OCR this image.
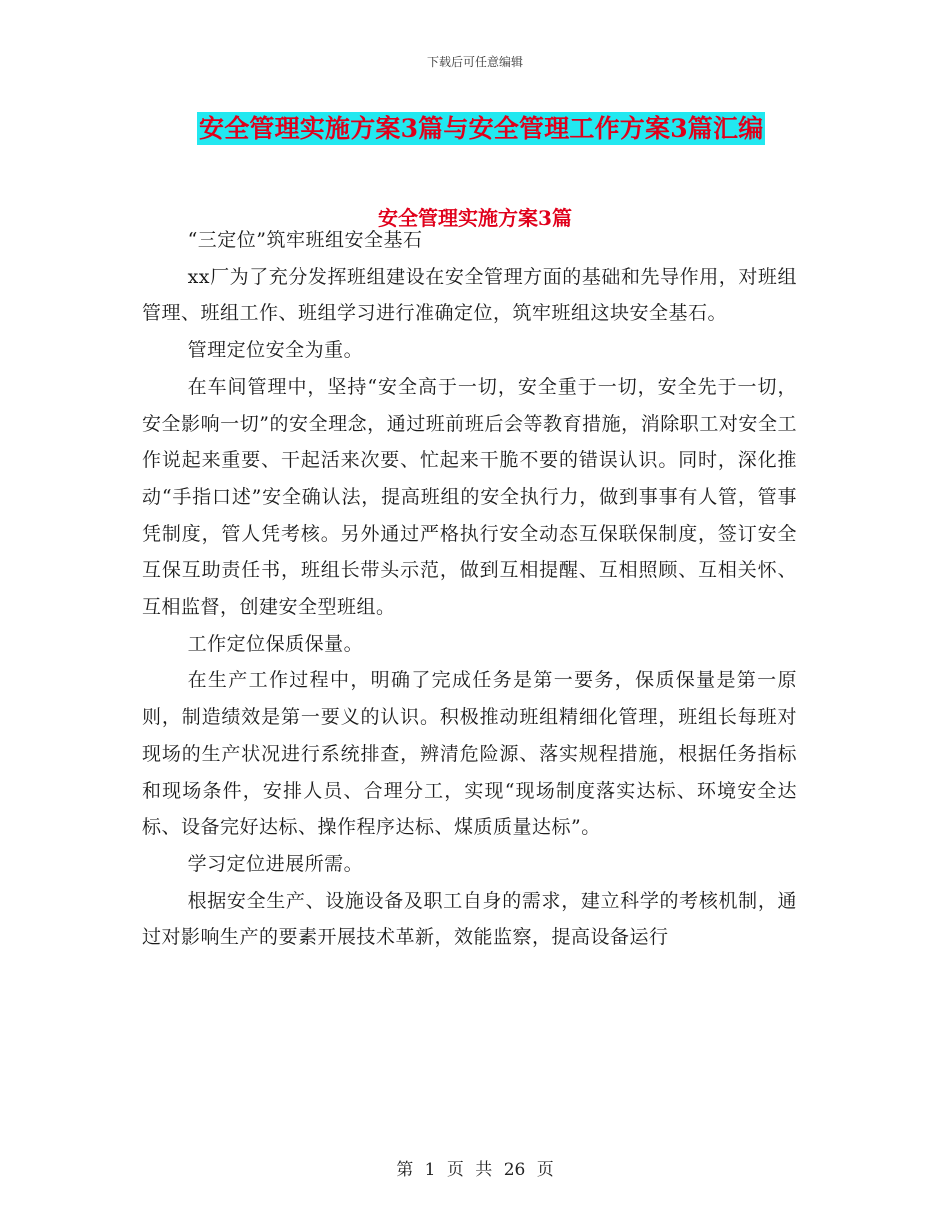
下载后可任意编辑
安全管理实施方案3篇与安全管理工作方案3篇汇编
安全管理实施方案3篇

“三定位”筑牢班组安全基石

xx厂为了充分发挥班组建设在安全管理方面的基础和先导作用，对班组管理、班组工作、班组学习进行准确定位，筑牢班组这块安全基石。

管理定位安全为重。

在车间管理中，坚持“安全高于一切，安全重于一切，安全先于一切，安全影响一切”的安全理念，通过班前班后会等教育措施，消除职工对安全工作说起来重要、干起活来次要、忙起来干脆不要的错误认识。同时，深化推动“手指口述”安全确认法，提高班组的安全执行力，做到事事有人管，管事凭制度，管人凭考核。另外通过严格执行安全动态互保联保制度，签订安全互保互助责任书，班组长带头示范，做到互相提醒、互相照顾、互相关怀、互相监督，创建安全型班组。

工作定位保质保量。

在生产工作过程中，明确了完成任务是第一要务，保质保量是第一原则，制造绩效是第一要义的认识。积极推动班组精细化管理，班组长每班对现场的生产状况进行系统排查，辨清危险源、落实规程措施，根据任务指标和现场条件，安排人员、合理分工，实现“现场制度落实达标、环境安全达标、设备完好达标、操作程序达标、煤质质量达标”。

学习定位进展所需。

根据安全生产、设施设备及职工自身的需求，建立科学的考核机制，通过对影响生产的要素开展技术革新，效能监察，提高设备运行

第 1 页 共 26 页
